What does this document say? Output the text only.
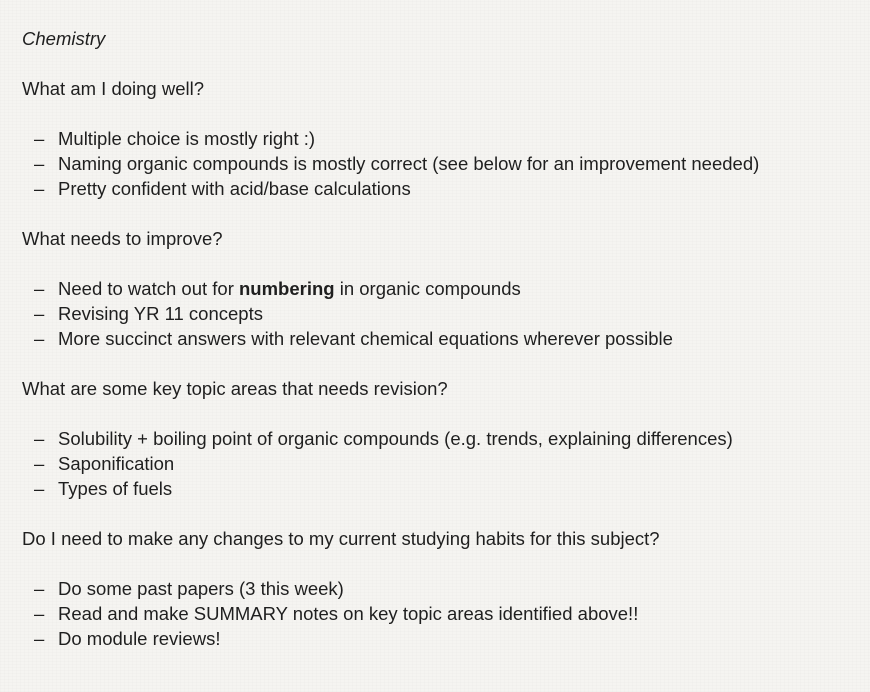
Chemistry
What am I doing well?
– Multiple choice is mostly right :)
– Naming organic compounds is mostly correct (see below for an improvement needed)
– Pretty confident with acid/base calculations
What needs to improve?
– Need to watch out for numbering in organic compounds
– Revising YR 11 concepts
– More succinct answers with relevant chemical equations wherever possible
What are some key topic areas that needs revision?
– Solubility + boiling point of organic compounds (e.g. trends, explaining differences)
– Saponification
– Types of fuels
Do I need to make any changes to my current studying habits for this subject?
– Do some past papers (3 this week)
– Read and make SUMMARY notes on key topic areas identified above!!
– Do module reviews!
